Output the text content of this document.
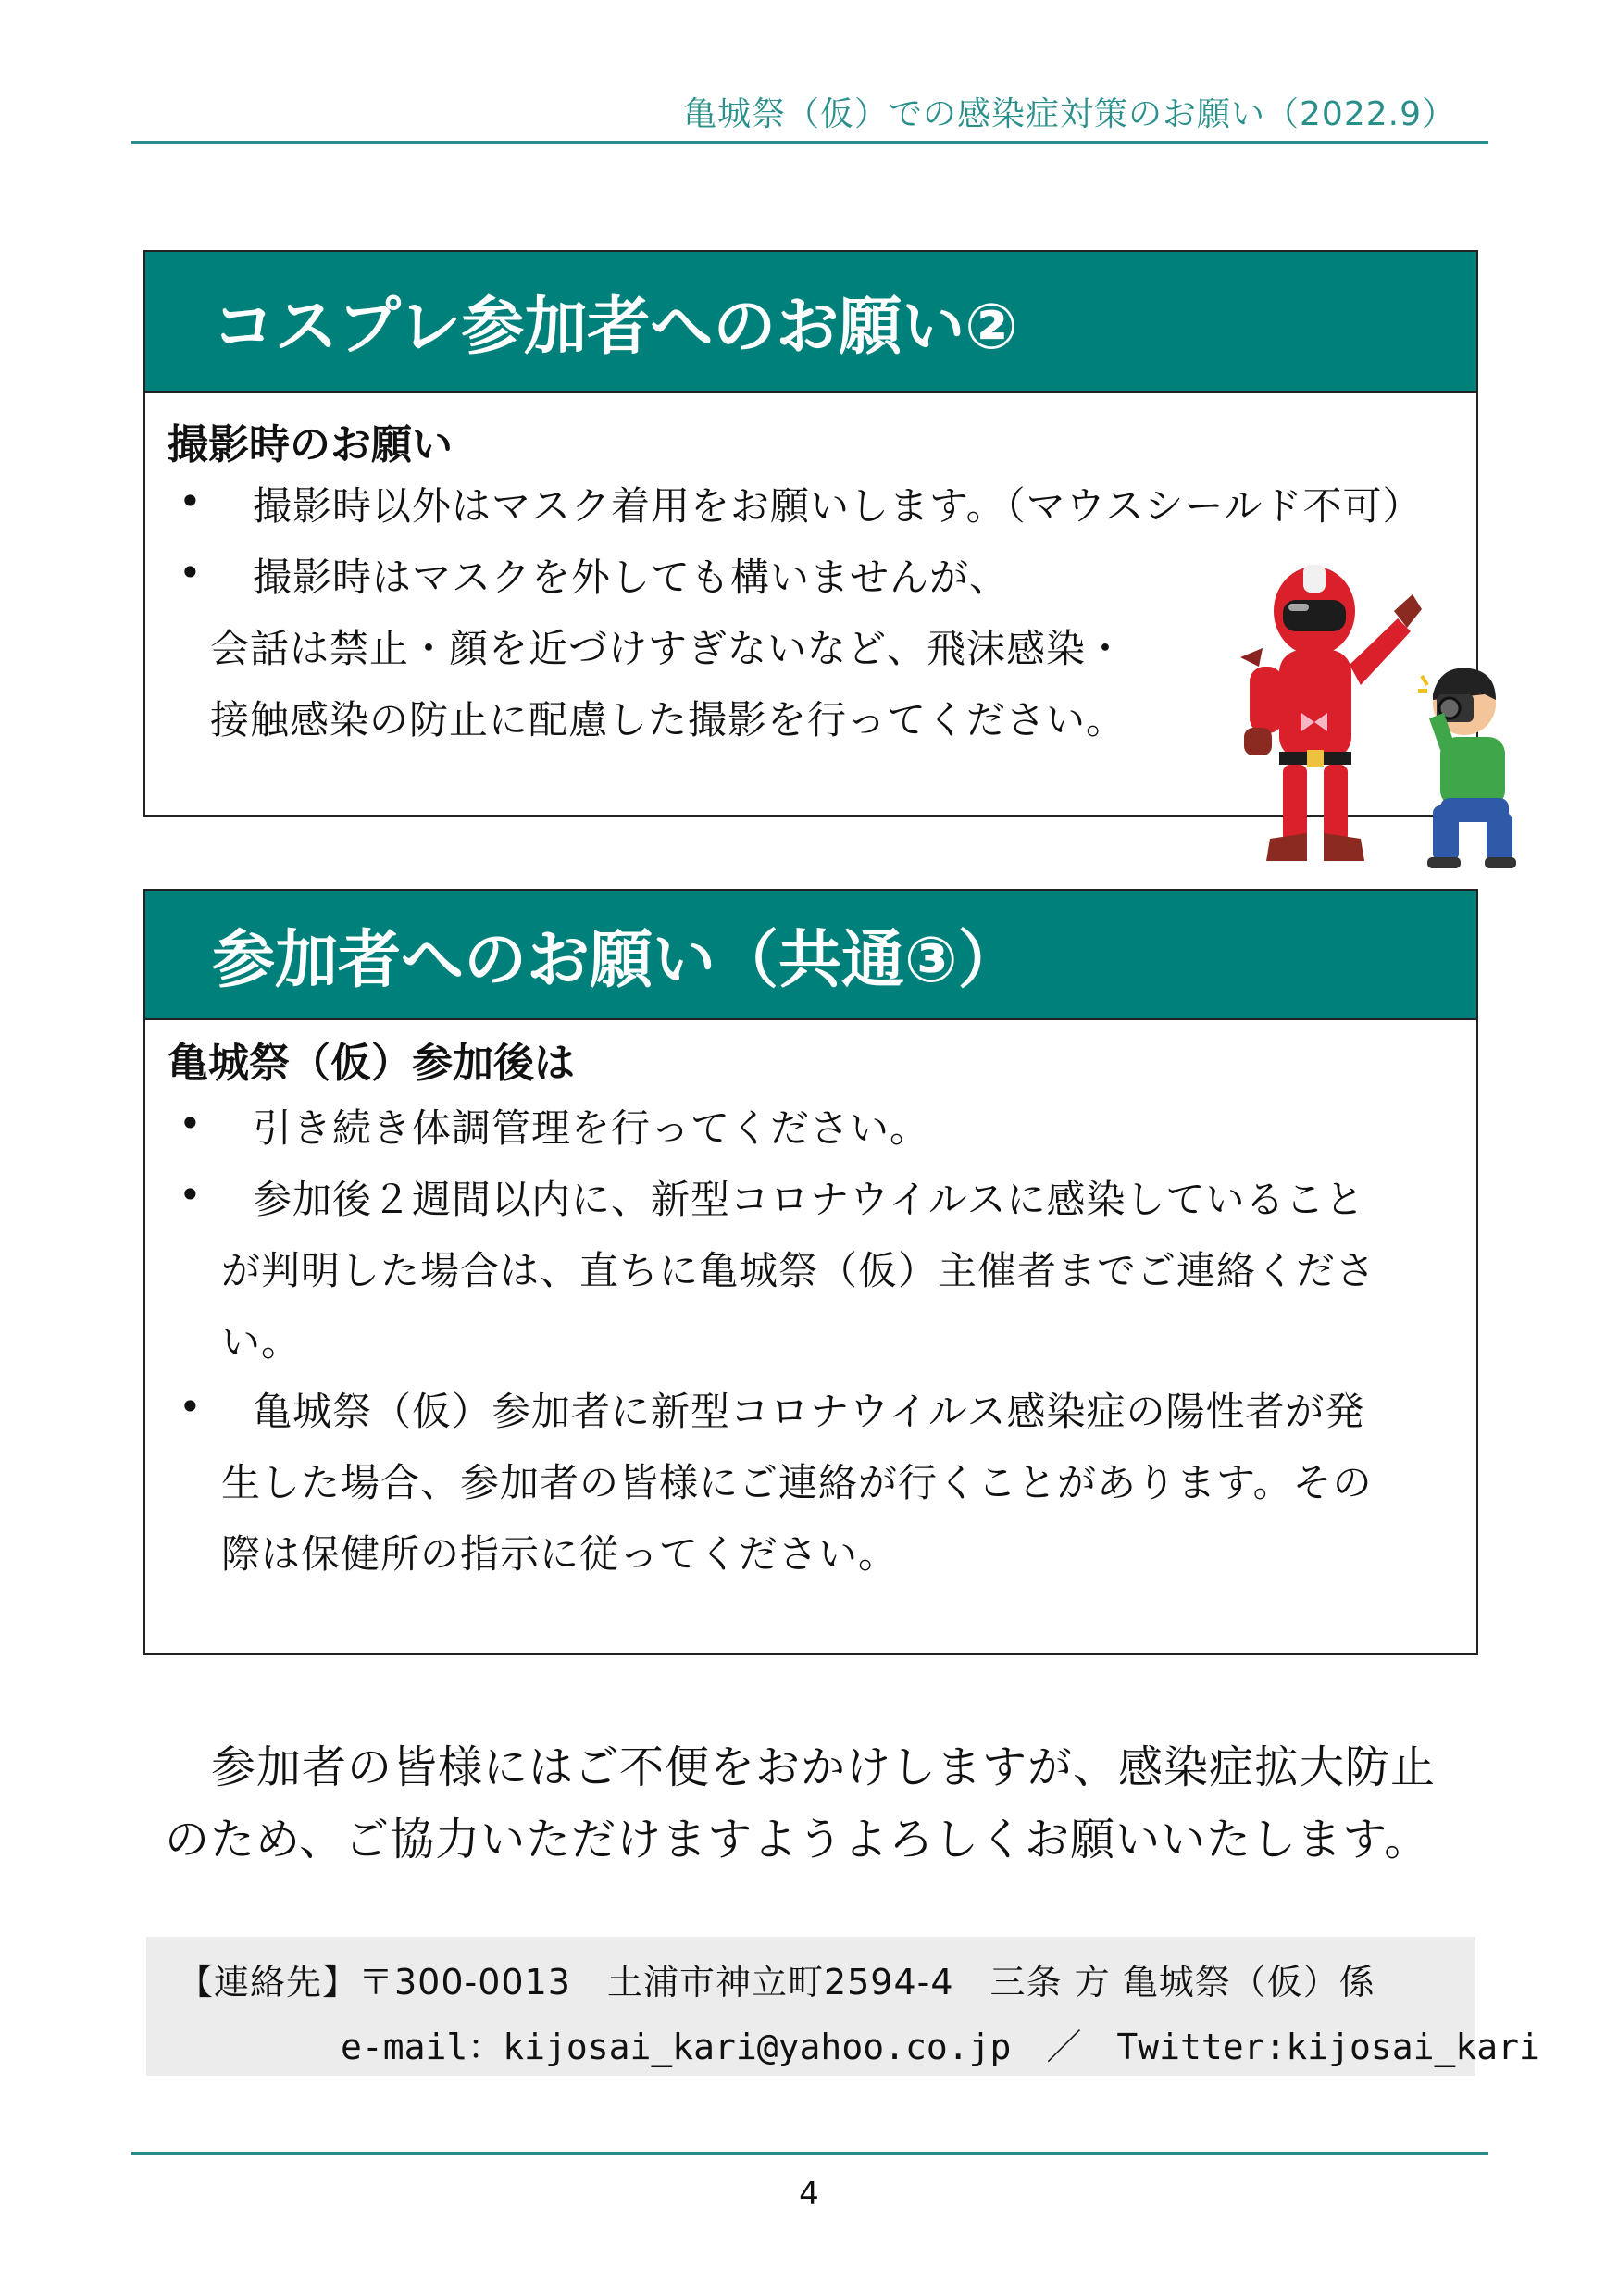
亀城祭（仮）での感染症対策のお願い（2022.9）
コスプレ参加者へのお願い②
撮影時のお願い
• 撮影時以外はマスク着用をお願いします。（マウスシールド不可）
• 撮影時はマスクを外しても構いませんが、
会話は禁止・顔を近づけすぎないなど、飛沫感染・
接触感染の防止に配慮した撮影を行ってください。
参加者へのお願い（共通③）
亀城祭（仮）参加後は
• 引き続き体調管理を行ってください。
• 参加後２週間以内に、新型コロナウイルスに感染していること
が判明した場合は、直ちに亀城祭（仮）主催者までご連絡くださ
い。
• 亀城祭（仮）参加者に新型コロナウイルス感染症の陽性者が発
生した場合、参加者の皆様にご連絡が行くことがあります。その
際は保健所の指示に従ってください。
参加者の皆様にはご不便をおかけしますが、感染症拡大防止
のため、ご協力いただけますようよろしくお願いいたします。
【連絡先】〒300-0013　土浦市神立町2594-4　三条 方 亀城祭（仮）係
e-mail：kijosai_kari@yahoo.co.jp　／　Twitter:kijosai_kari
4
